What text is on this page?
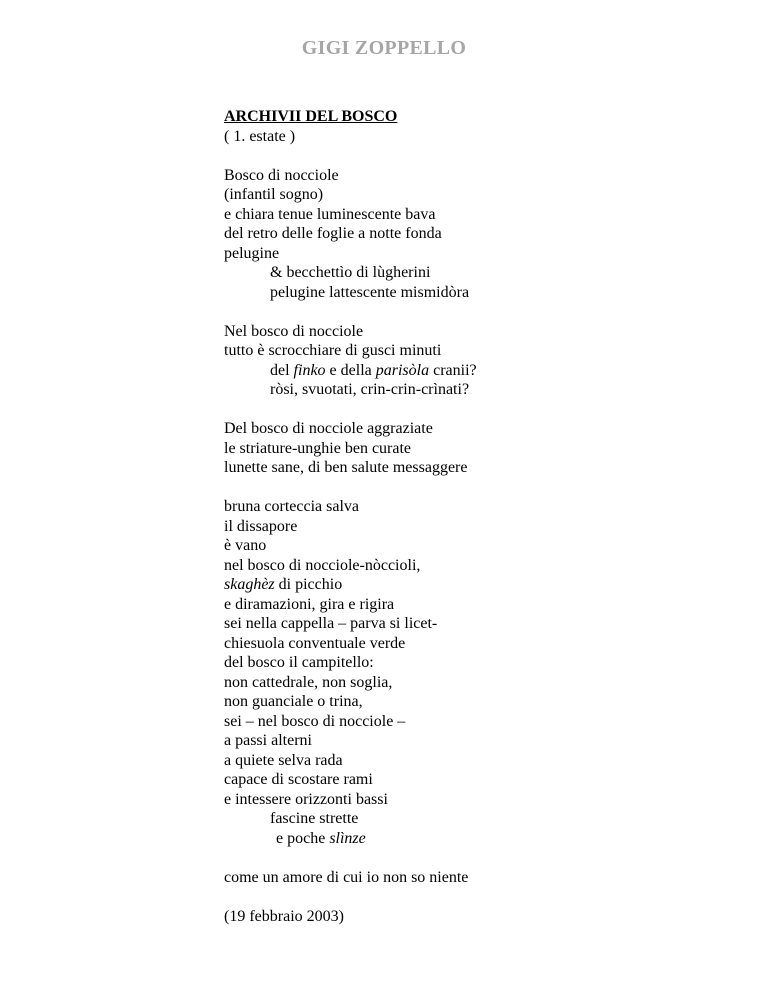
GIGI ZOPPELLO
ARCHIVII DEL BOSCO
( 1. estate )
Bosco di nocciole
(infantil sogno)
e chiara tenue luminescente bava
del retro delle foglie a notte fonda
pelugine
& becchettìo di lùgherini
pelugine lattescente mismidòra
Nel bosco di nocciole
tutto è scrocchiare di gusci minuti
del finko e della parisòla cranii?
ròsi, svuotati, crin-crin-crìnati?
Del bosco di nocciole aggraziate
le striature-unghie ben curate
lunette sane, di ben salute messaggere
bruna corteccia salva
il dissapore
è vano
nel bosco di nocciole-nòccioli,
skaghèz di picchio
e diramazioni, gira e rigira
sei nella cappella – parva si licet-
chiesuola conventuale verde
del bosco il campitello:
non cattedrale, non soglia,
non guanciale o trina,
sei – nel bosco di nocciole –
a passi alterni
a quiete selva rada
capace di scostare rami
e intessere orizzonti bassi
fascine strette
e poche slìnze
come un amore di cui io non so niente
(19 febbraio 2003)
